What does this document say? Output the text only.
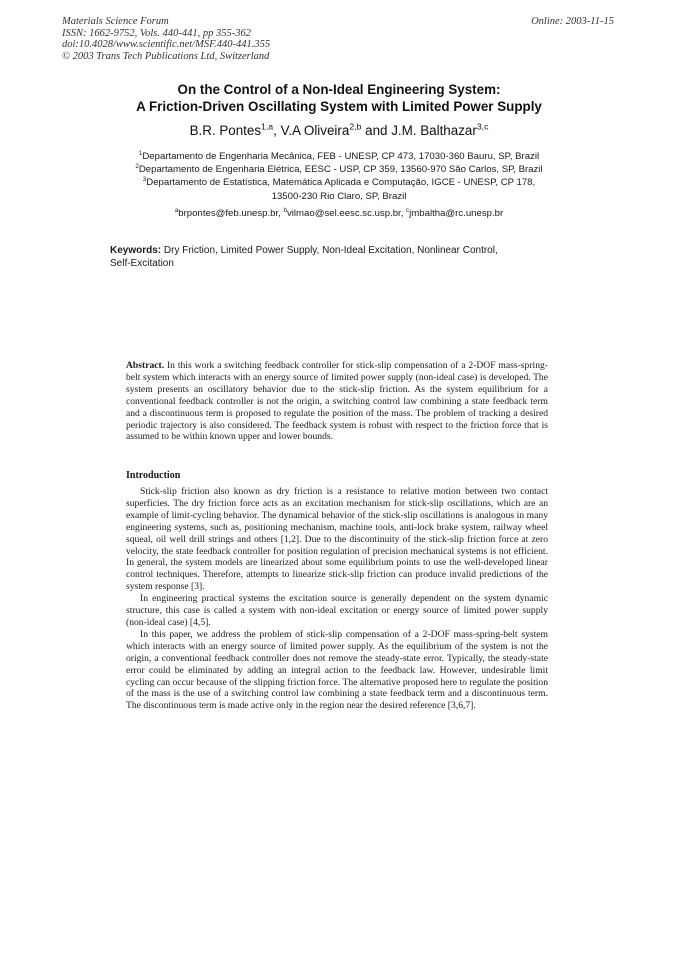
Materials Science Forum
ISSN: 1662-9752, Vols. 440-441, pp 355-362
doi:10.4028/www.scientific.net/MSF.440-441.355
© 2003 Trans Tech Publications Ltd, Switzerland
Online: 2003-11-15
On the Control of a Non-Ideal Engineering System:
A Friction-Driven Oscillating System with Limited Power Supply
B.R. Pontes$^{1,a}$, V.A Oliveira$^{2,b}$ and J.M. Balthazar$^{3,c}$
$^1$Departamento de Engenharia Mecânica, FEB - UNESP, CP 473, 17030-360 Bauru, SP, Brazil
$^2$Departamento de Engenharia Elétrica, EESC - USP, CP 359, 13560-970 São Carlos, SP, Brazil
$^3$Departamento de Estatística, Matemática Aplicada e Computação, IGCE - UNESP, CP 178,
13500-230 Rio Claro, SP, Brazil
$^a$brpontes@feb.unesp.br, $^b$vilmao@sel.eesc.sc.usp.br, $^c$jmbaltha@rc.unesp.br
Keywords: Dry Friction, Limited Power Supply, Non-Ideal Excitation, Nonlinear Control, Self-Excitation

Abstract. In this work a switching feedback controller for stick-slip compensation of a 2-DOF mass-spring-belt system which interacts with an energy source of limited power supply (non-ideal case) is developed. The system presents an oscillatory behavior due to the stick-slip friction. As the system equilibrium for a conventional feedback controller is not the origin, a switching control law combining a state feedback term and a discontinuous term is proposed to regulate the position of the mass. The problem of tracking a desired periodic trajectory is also considered. The feedback system is robust with respect to the friction force that is assumed to be within known upper and lower bounds.

Introduction

Stick-slip friction also known as dry friction is a resistance to relative motion between two contact superficies. The dry friction force acts as an excitation mechanism for stick-slip oscillations, which are an example of limit-cycling behavior. The dynamical behavior of the stick-slip oscillations is analogous in many engineering systems, such as, positioning mechanism, machine tools, anti-lock brake system, railway wheel squeal, oil well drill strings and others [1,2]. Due to the discontinuity of the stick-slip friction force at zero velocity, the state feedback controller for position regulation of precision mechanical systems is not efficient. In general, the system models are linearized about some equilibrium points to use the well-developed linear control techniques. Therefore, attempts to linearize stick-slip friction can produce invalid predictions of the system response [3].

In engineering practical systems the excitation source is generally dependent on the system dynamic structure, this case is called a system with non-ideal excitation or energy source of limited power supply (non-ideal case) [4,5].

In this paper, we address the problem of stick-slip compensation of a 2-DOF mass-spring-belt system which interacts with an energy source of limited power supply. As the equilibrium of the system is not the origin, a conventional feedback controller does not remove the steady-state error. Typically, the steady-state error could be eliminated by adding an integral action to the feedback law. However, undesirable limit cycling can occur because of the slipping friction force. The alternative proposed here to regulate the position of the mass is the use of a switching control law combining a state feedback term and a discontinuous term. The discontinuous term is made active only in the region near the desired reference [3,6,7].
